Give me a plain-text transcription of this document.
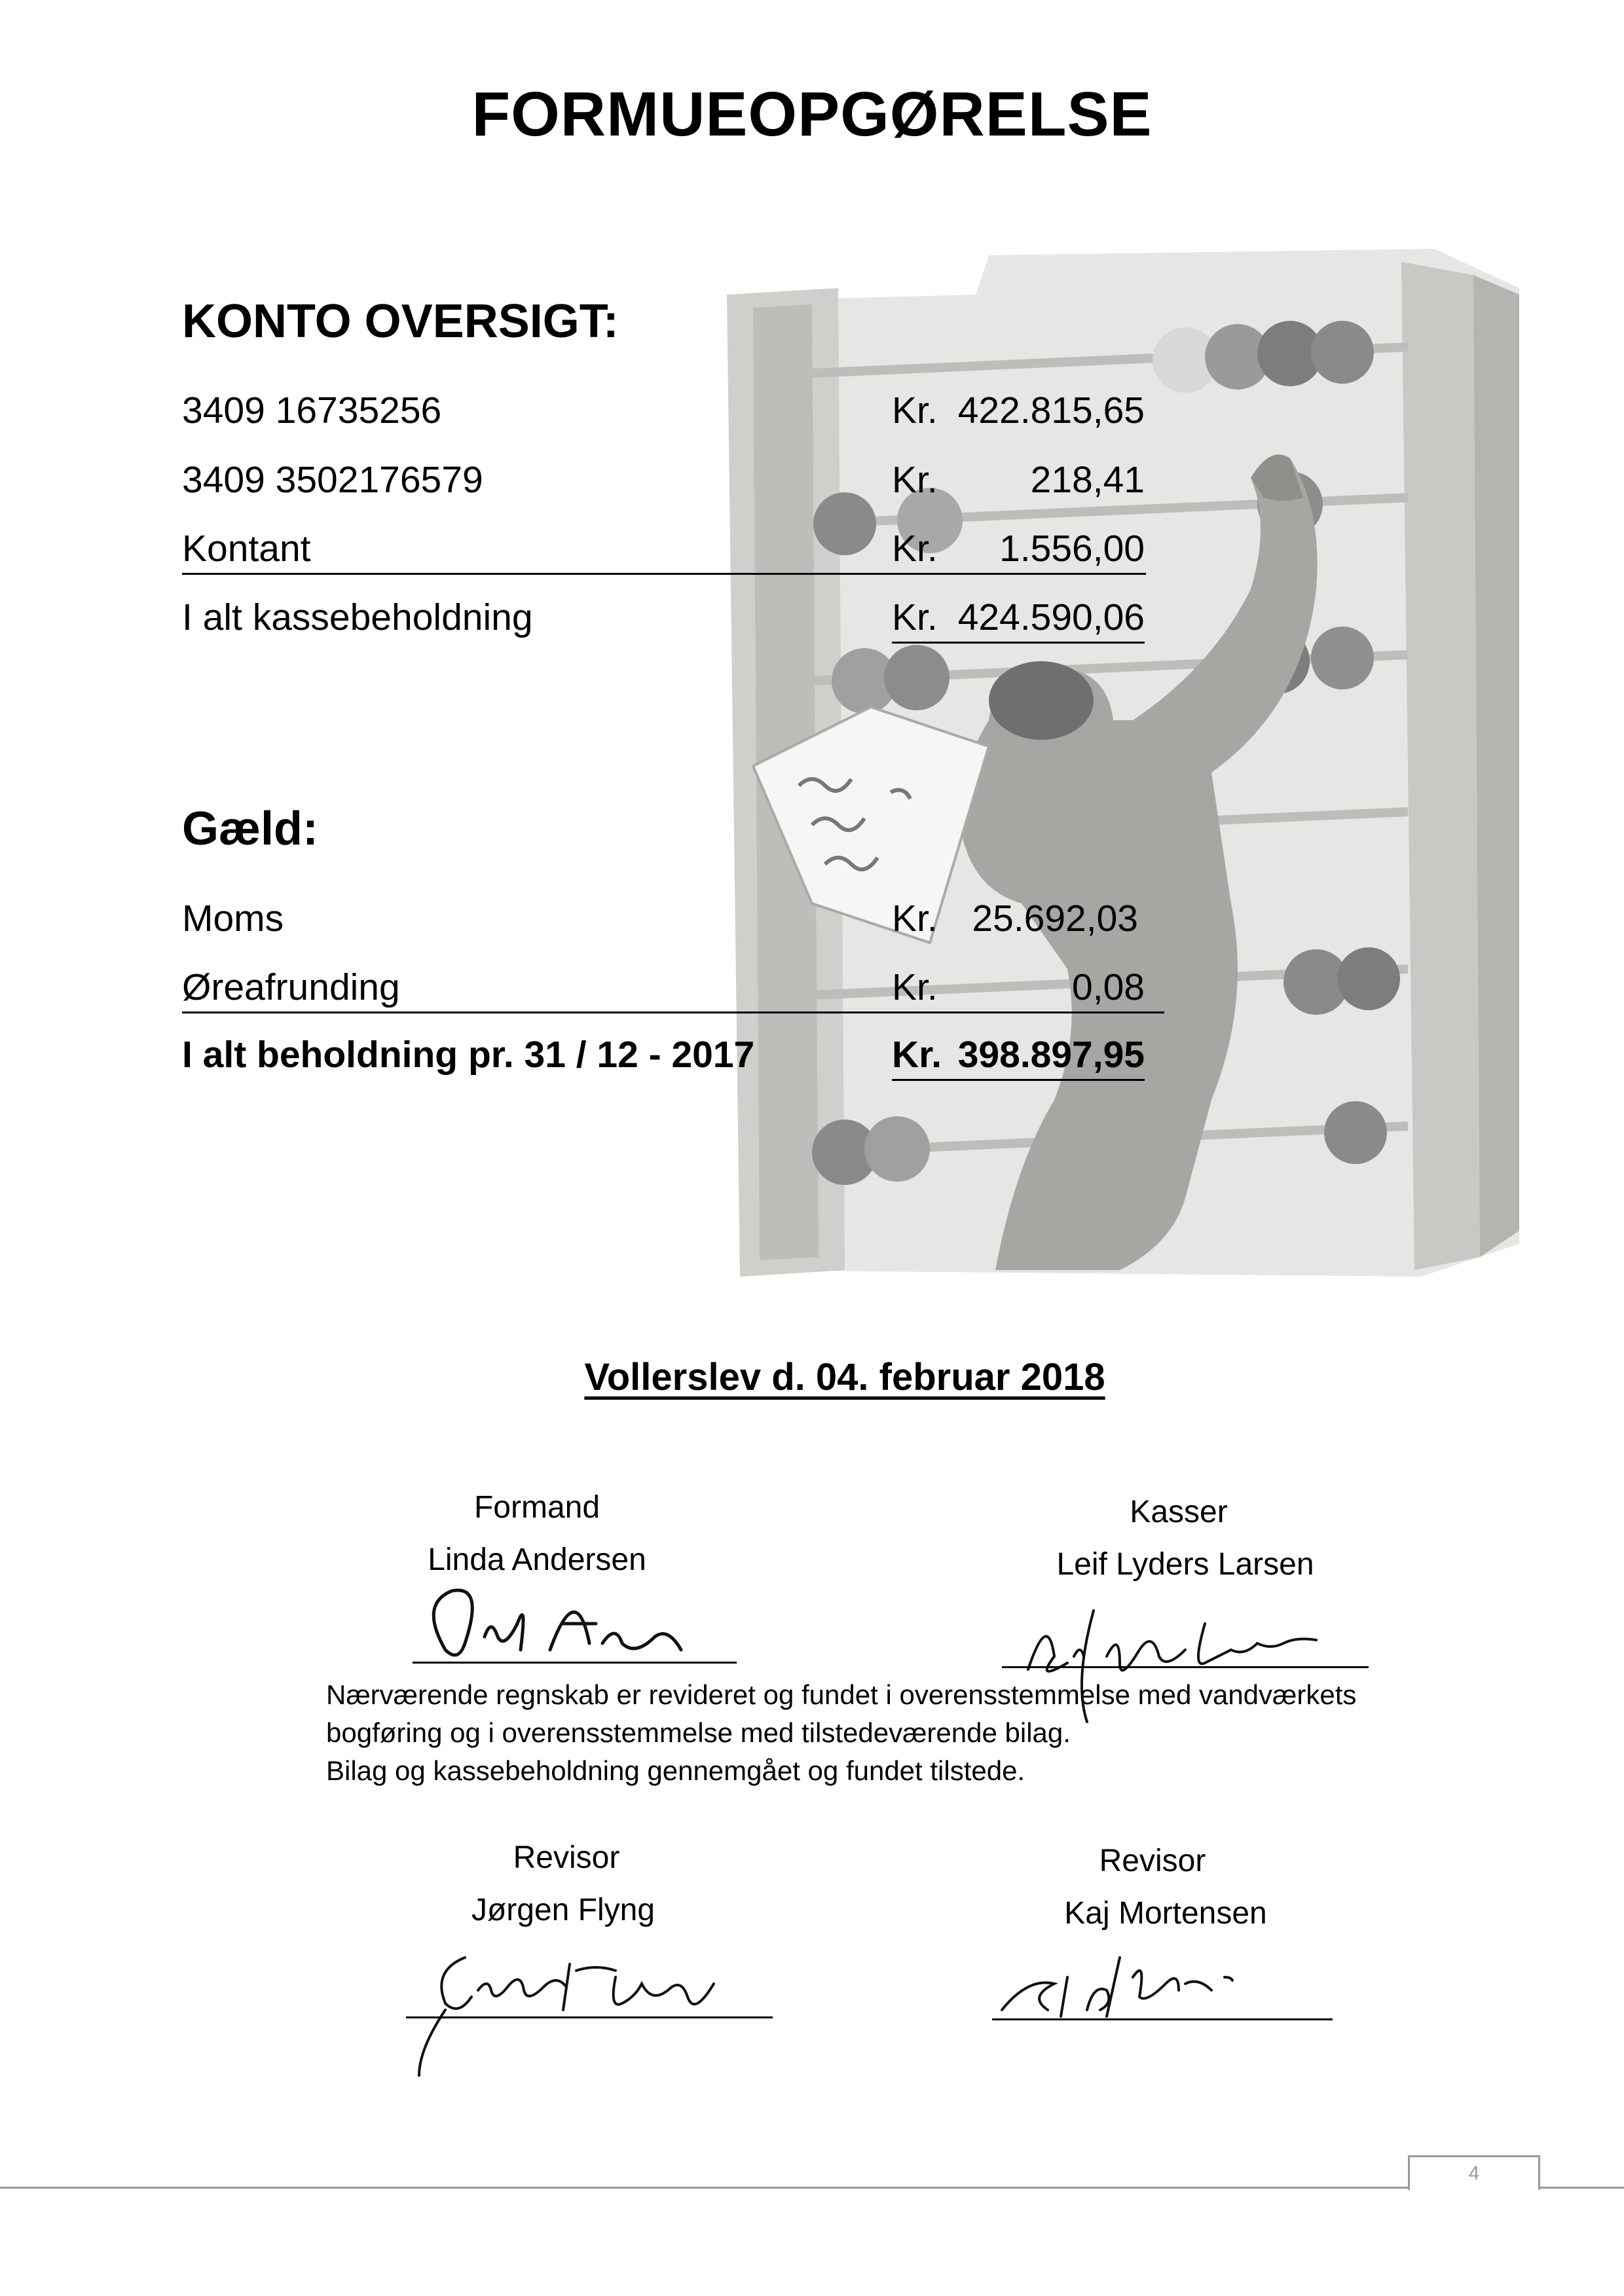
FORMUEOPGØRELSE
KONTO OVERSIGT:
3409 16735256	Kr. 422.815,65
3409 3502176579	Kr. 218,41
Kontant	Kr. 1.556,00
I alt kassebeholdning	Kr. 424.590,06
Gæld:
Moms	Kr. 25.692,03
Øreafrunding	Kr.	0,08
I alt beholdning pr. 31 / 12 - 2017	Kr. 398.897,95
Vollerslev d. 04. februar 2018
Formand
Linda Andersen
Kasser
Leif Lyders Larsen
Nærværende regnskab er revideret og fundet i overensstemmelse med vandværkets
bogføring og i overensstemmelse med tilstedeværende bilag.
Bilag og kassebeholdning gennemgået og fundet tilstede.
Revisor
Jørgen Flyng
Revisor
Kaj Mortensen
4
